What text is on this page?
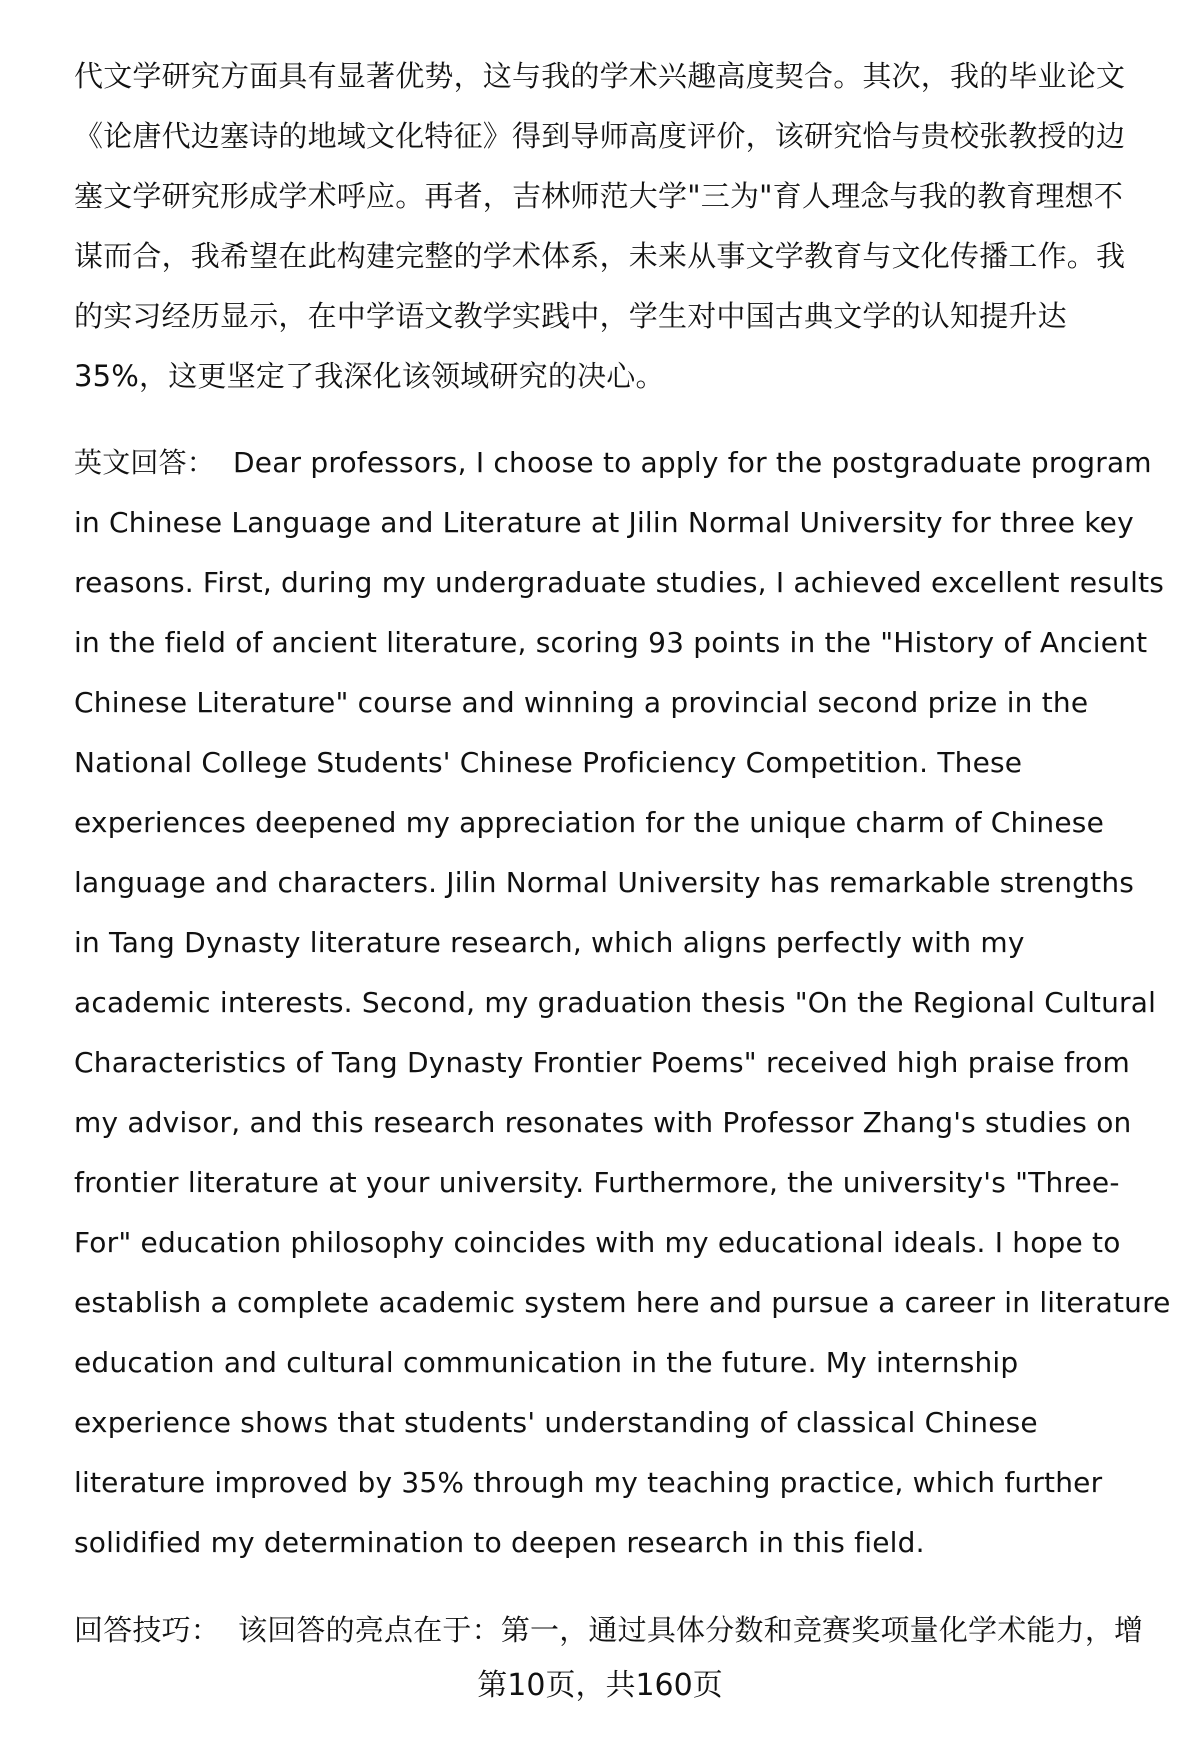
代文学研究方面具有显著优势，这与我的学术兴趣高度契合。其次，我的毕业论文
《论唐代边塞诗的地域文化特征》得到导师高度评价，该研究恰与贵校张教授的边
塞文学研究形成学术呼应。再者，吉林师范大学"三为"育人理念与我的教育理想不
谋而合，我希望在此构建完整的学术体系，未来从事文学教育与文化传播工作。我
的实习经历显示，在中学语文教学实践中，学生对中国古典文学的认知提升达
35%，这更坚定了我深化该领域研究的决心。

英文回答： Dear professors, I choose to apply for the postgraduate program
in Chinese Language and Literature at Jilin Normal University for three key
reasons. First, during my undergraduate studies, I achieved excellent results
in the field of ancient literature, scoring 93 points in the "History of Ancient
Chinese Literature" course and winning a provincial second prize in the
National College Students' Chinese Proficiency Competition. These
experiences deepened my appreciation for the unique charm of Chinese
language and characters. Jilin Normal University has remarkable strengths
in Tang Dynasty literature research, which aligns perfectly with my
academic interests. Second, my graduation thesis "On the Regional Cultural
Characteristics of Tang Dynasty Frontier Poems" received high praise from
my advisor, and this research resonates with Professor Zhang's studies on
frontier literature at your university. Furthermore, the university's "Three-
For" education philosophy coincides with my educational ideals. I hope to
establish a complete academic system here and pursue a career in literature
education and cultural communication in the future. My internship
experience shows that students' understanding of classical Chinese
literature improved by 35% through my teaching practice, which further
solidified my determination to deepen research in this field.

回答技巧： 该回答的亮点在于：第一，通过具体分数和竞赛奖项量化学术能力，增

第10页，共160页
